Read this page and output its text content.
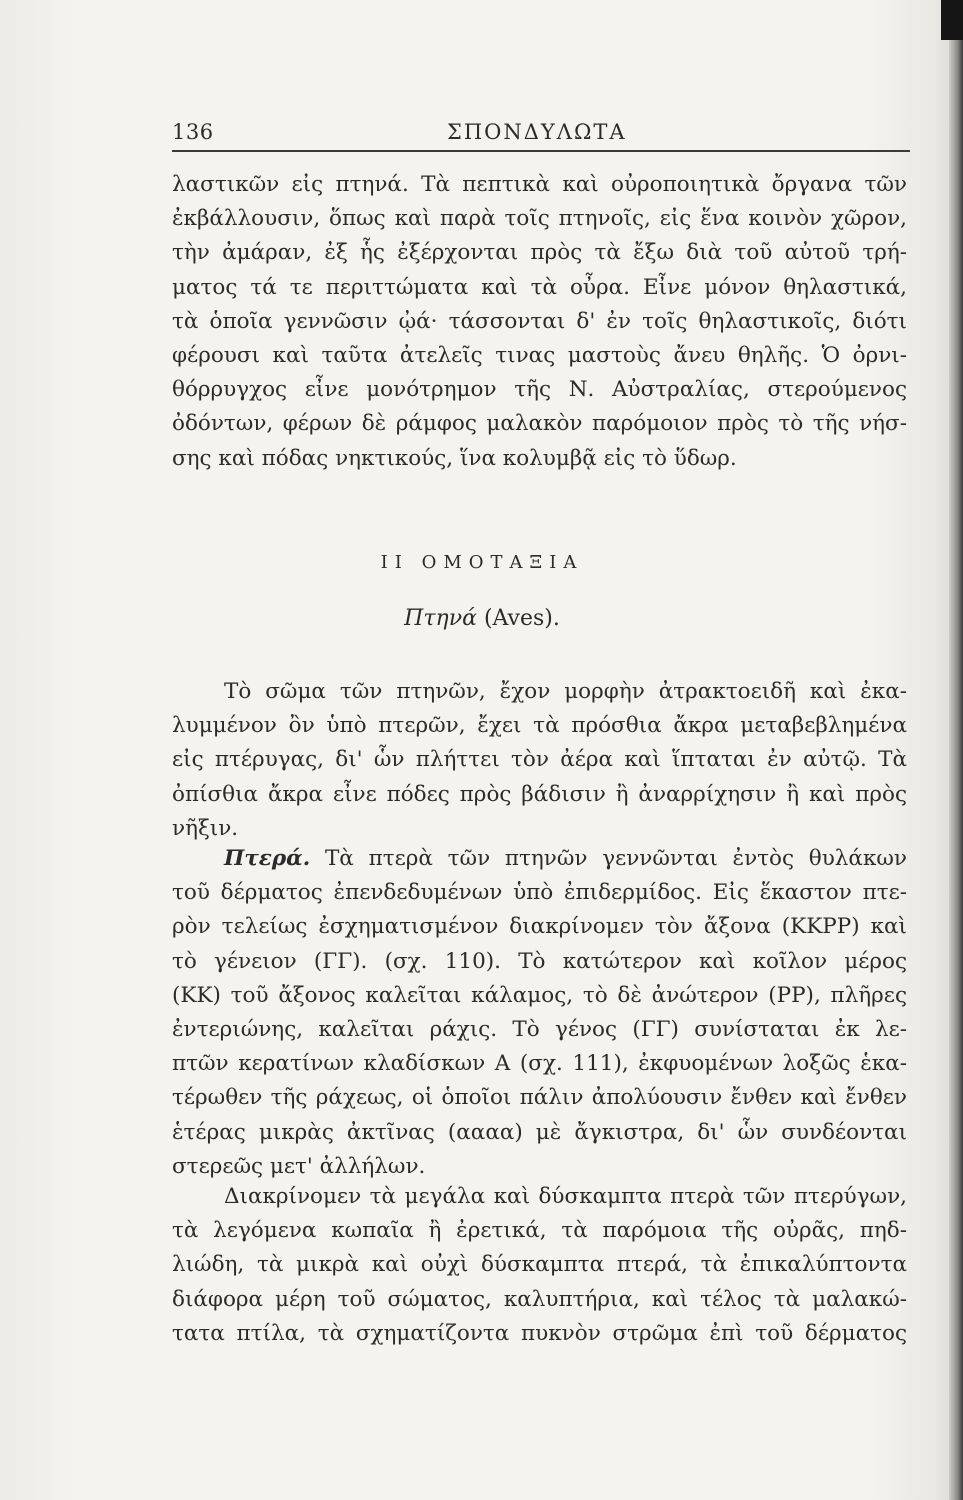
136	ΣΠΟΝΔΥΛΩΤΑ
λαστικῶν εἰς πτηνά. Τὰ πεπτικὰ καὶ οὐροποιητικὰ ὄργανα τῶν
ἐκβάλλουσιν, ὅπως καὶ παρὰ τοῖς πτηνοῖς, εἰς ἕνα κοινὸν χῶρον,
τὴν ἀμάραν, ἐξ ἧς ἐξέρχονται πρὸς τὰ ἔξω διὰ τοῦ αὐτοῦ τρή-
ματος τά τε περιττώματα καὶ τὰ οὖρα. Εἶνε μόνον θηλαστικά,
τὰ ὁποῖα γεννῶσιν ᾠά· τάσσονται δ' ἐν τοῖς θηλαστικοῖς, διότι
φέρουσι καὶ ταῦτα ἀτελεῖς τινας μαστοὺς ἄνευ θηλῆς. Ὁ ὀρνι-
θόρρυγχος εἶνε μονότρημον τῆς Ν. Αὐστραλίας, στερούμενος
ὀδόντων, φέρων δὲ ράμφος μαλακὸν παρόμοιον πρὸς τὸ τῆς νήσ-
σης καὶ πόδας νηκτικούς, ἵνα κολυμβᾷ εἰς τὸ ὕδωρ.
II ΟΜΟΤΑΞΙΑ
Πτηνά (Aves).
Τὸ σῶμα τῶν πτηνῶν, ἔχον μορφὴν ἀτρακτοειδῆ καὶ ἐκα-
λυμμένον ὂν ὑπὸ πτερῶν, ἔχει τὰ πρόσθια ἄκρα μεταβεβλημένα
εἰς πτέρυγας, δι' ὧν πλήττει τὸν ἀέρα καὶ ἵπταται ἐν αὐτῷ. Τὰ
ὀπίσθια ἄκρα εἶνε πόδες πρὸς βάδισιν ἢ ἀναρρίχησιν ἢ καὶ πρὸς
νῆξιν.
Πτερά. Τὰ πτερὰ τῶν πτηνῶν γεννῶνται ἐντὸς θυλάκων
τοῦ δέρματος ἐπενδεδυμένων ὑπὸ ἐπιδερμίδος. Εἰς ἕκαστον πτε-
ρὸν τελείως ἐσχηματισμένον διακρίνομεν τὸν ἄξονα (ΚΚΡΡ) καὶ
τὸ γένειον (ΓΓ). (σχ. 110). Τὸ κατώτερον καὶ κοῖλον μέρος
(ΚΚ) τοῦ ἄξονος καλεῖται κάλαμος, τὸ δὲ ἀνώτερον (ΡΡ), πλῆρες
ἐντεριώνης, καλεῖται ράχις. Τὸ γένος (ΓΓ) συνίσταται ἐκ λε-
πτῶν κερατίνων κλαδίσκων Α (σχ. 111), ἐκφυομένων λοξῶς ἑκα-
τέρωθεν τῆς ράχεως, οἱ ὁποῖοι πάλιν ἀπολύουσιν ἔνθεν καὶ ἔνθεν
ἑτέρας μικρὰς ἀκτῖνας (αααα) μὲ ἄγκιστρα, δι' ὧν συνδέονται
στερεῶς μετ' ἀλλήλων.
Διακρίνομεν τὰ μεγάλα καὶ δύσκαμπτα πτερὰ τῶν πτερύγων,
τὰ λεγόμενα κωπαῖα ἢ ἐρετικά, τὰ παρόμοια τῆς οὐρᾶς, πηδ-
λιώδη, τὰ μικρὰ καὶ οὐχὶ δύσκαμπτα πτερά, τὰ ἐπικαλύπτοντα
διάφορα μέρη τοῦ σώματος, καλυπτήρια, καὶ τέλος τὰ μαλακώ-
τατα πτίλα, τὰ σχηματίζοντα πυκνὸν στρῶμα ἐπὶ τοῦ δέρματος
